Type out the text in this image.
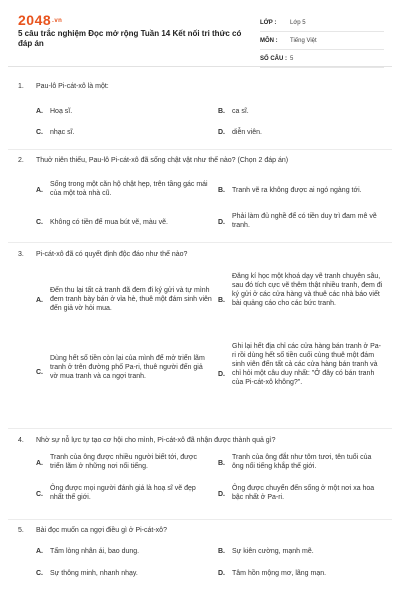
2048.vn
5 câu trắc nghiệm Đọc mở rộng Tuần 14 Kết nối tri thức có đáp án
LỚP :	Lớp 5
MÔN :	Tiếng Việt
SỐ CÂU : 5
1. Pau-lô Pi-cát-xô là một:
A. Hoạ sĩ.	B. ca sĩ.
C. nhạc sĩ.	D. diễn viên.
2. Thuở niên thiếu, Pau-lô Pi-cát-xô đã sống chật vật như thế nào? (Chọn 2 đáp án)
A.
Sống trong một căn hộ chật hẹp, trên tầng gác mái của một toà nhà cũ.	B. Tranh vẽ ra không được ai ngó ngàng tới.
C. Không có tiền để mua bút vẽ, màu vẽ.	D.
Phải làm đủ nghề để có tiền duy trì đam mê vẽ tranh.
3. Pi-cát-xô đã có quyết định độc đáo như thế nào?
A.
Đến thu lại tất cả tranh đã đem đi ký gửi và tự mình đem tranh bày bán ở vỉa hè, thuê một đám sinh viên đến giả vờ hỏi mua.
B.
Đăng kí học một khoá dạy vẽ tranh chuyên sâu, sau đó tích cực vẽ thêm thật nhiều tranh, đem đi ký gửi ở các cửa hàng và thuê các nhà báo viết bài quảng cáo cho các bức tranh.
C.
Dùng hết số tiền còn lại của mình để mở triển lãm tranh ở trên đường phố Pa-ri, thuê người đến giả vờ mua tranh và ca ngợi tranh.	D.
Ghi lại hết địa chỉ các cửa hàng bán tranh ở Pa-ri rồi dùng hết số tiền cuối cùng thuê một đám sinh viên đến tất cả các cửa hàng bán tranh và chỉ hỏi một câu duy nhất: "Ở đây có bán tranh của Pi-cát-xô không?".
4. Nhờ sự nỗ lực tự tạo cơ hội cho mình, Pi-cát-xô đã nhận được thành quả gì?
A.
Tranh của ông được nhiều người biết tới, được triển lãm ở những nơi nổi tiếng.	B.
Tranh của ông đắt như tôm tươi, tên tuổi của ông nổi tiếng khắp thế giới.
C.
Ông được mọi người đánh giá là hoạ sĩ vẽ đẹp nhất thế giới.	D.
Ông được chuyển đến sống ở một nơi xa hoa bậc nhất ở Pa-ri.
5. Bài đọc muốn ca ngợi điều gì ở Pi-cát-xô?
A. Tấm lòng nhân ái, bao dung.	B. Sự kiên cường, mạnh mẽ.
C. Sự thông minh, nhanh nhạy.	D. Tâm hồn mộng mơ, lãng mạn.
